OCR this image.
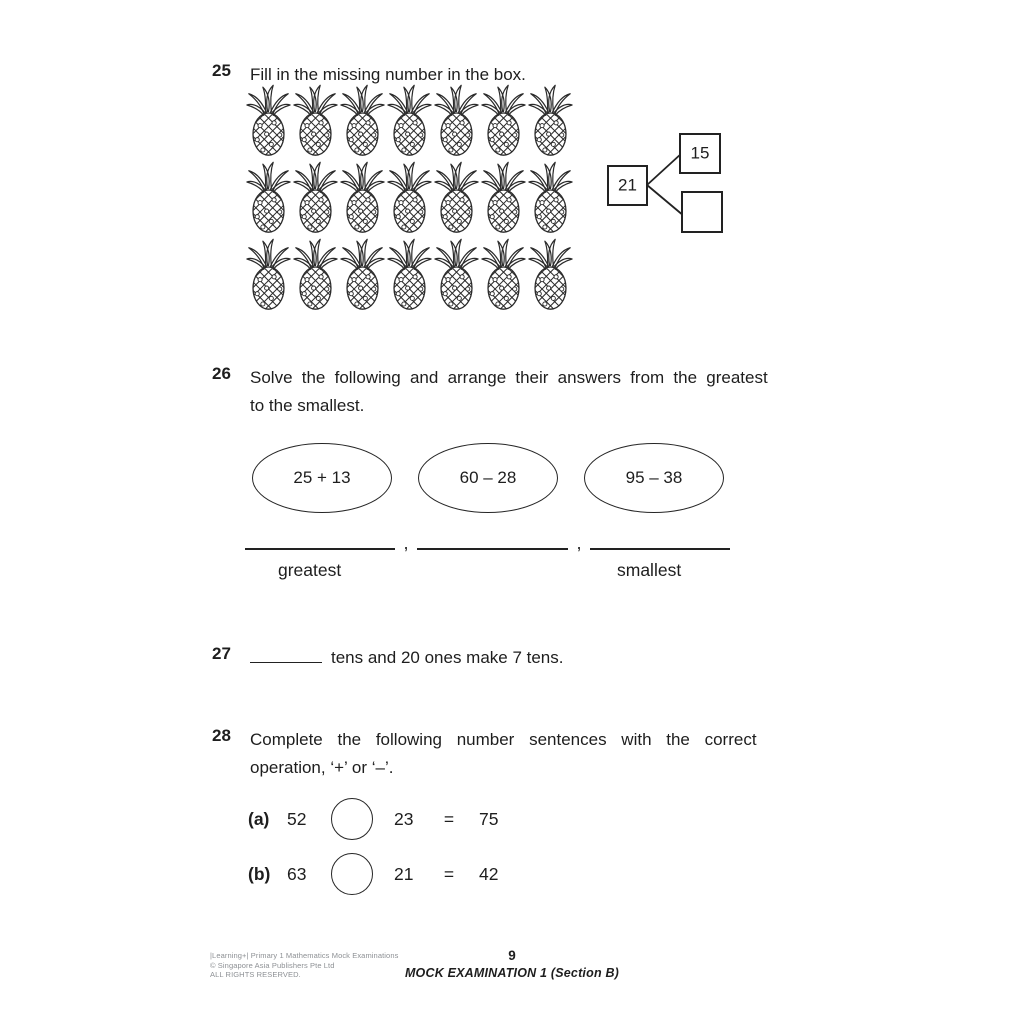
25	Fill in the missing number in the box.
21
15
26	Solve the following and arrange their answers from the greatest
to the smallest.
25 + 13	60 – 28	95 – 38
,	,
greatest	smallest
27	tens and 20 ones make 7 tens.
28	Complete the following number sentences with the correct
operation, ‘+’ or ‘–’.
(a)	52	23	= 75
(b) 63	21	= 42
|Learning+| Primary 1 Mathematics Mock Examinations
© Singapore Asia Publishers Pte Ltd
ALL RIGHTS RESERVED.
9
MOCK EXAMINATION 1 (Section B)
